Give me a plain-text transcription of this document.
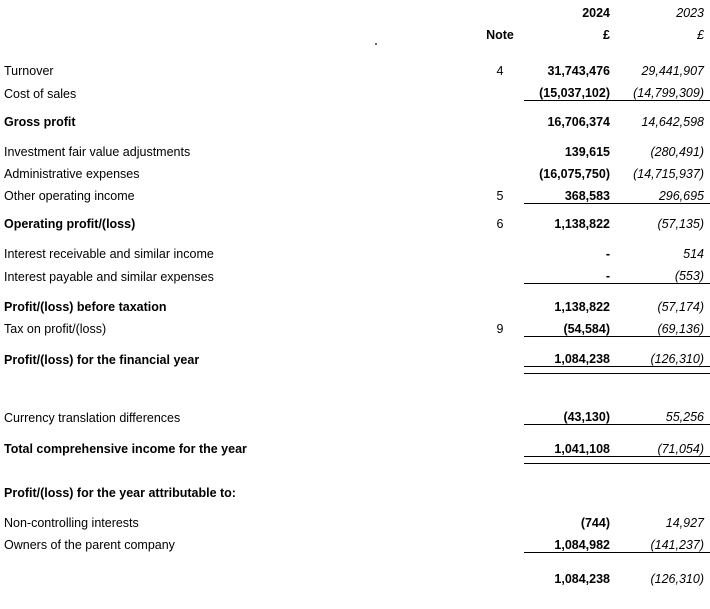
		2024	2023
	Note	£	£

Turnover	4	31,743,476	29,441,907
Cost of sales		(15,037,102)	(14,799,309)

Gross profit		16,706,374	14,642,598

Investment fair value adjustments		139,615	(280,491)
Administrative expenses		(16,075,750)	(14,715,937)
Other operating income	5	368,583	296,695

Operating profit/(loss)	6	1,138,822	(57,135)

Interest receivable and similar income		-	514
Interest payable and similar expenses		-	(553)

Profit/(loss) before taxation		1,138,822	(57,174)
Tax on profit/(loss)	9	(54,584)	(69,136)

Profit/(loss) for the financial year		1,084,238	(126,310)

Currency translation differences		(43,130)	55,256

Total comprehensive income for the year		1,041,108	(71,054)

Profit/(loss) for the year attributable to:			

Non-controlling interests		(744)	14,927
Owners of the parent company		1,084,982	(141,237)

		1,084,238	(126,310)
